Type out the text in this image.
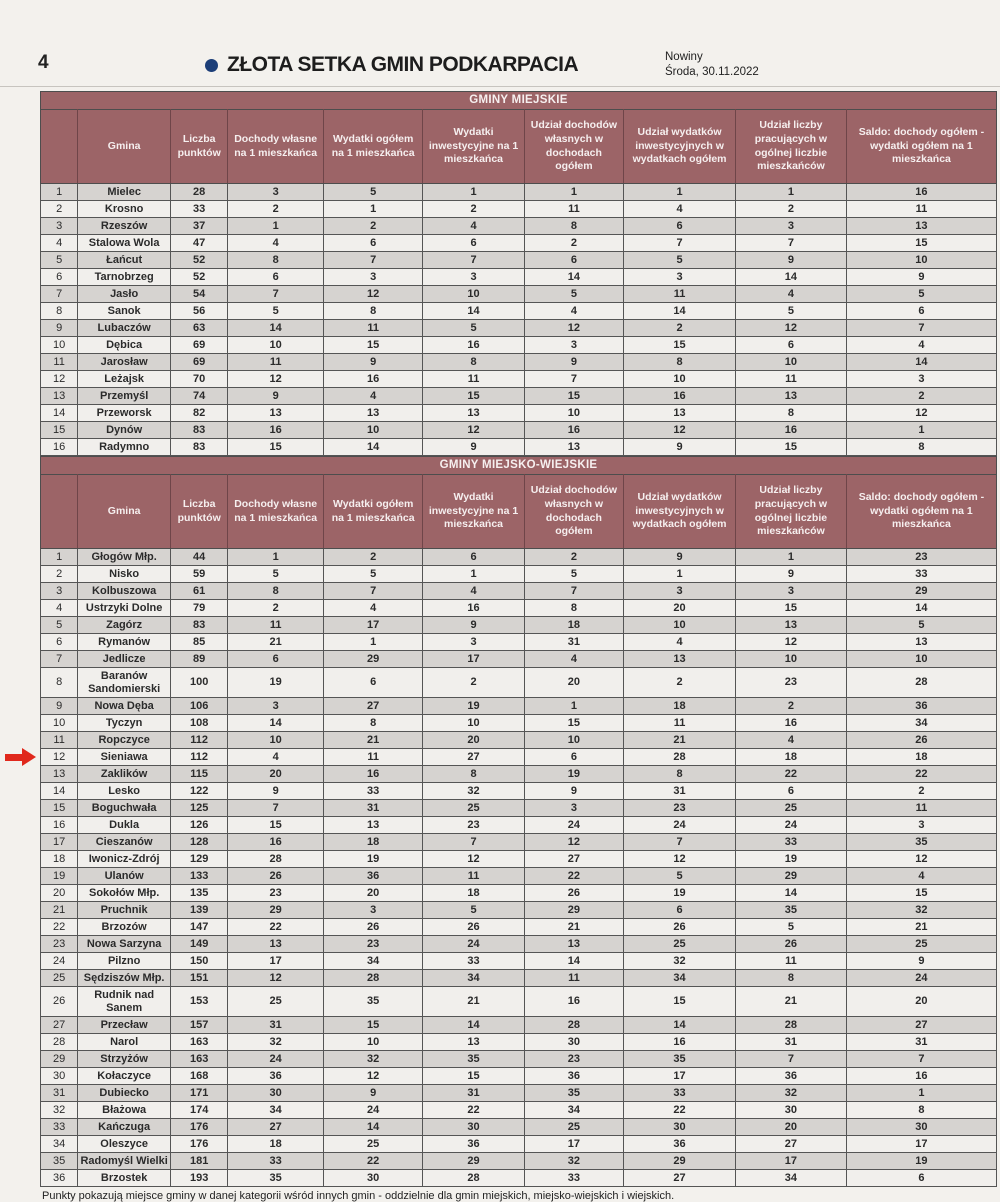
4	ZŁOTA SETKA GMIN PODKARPACIA	Nowiny
Środa, 30.11.2022
GMINY MIEJSKIE
	Gmina	Liczba punktów	Dochody własne na 1 mieszkańca	Wydatki ogółem na 1 mieszkańca	Wydatki inwestycyjne na 1 mieszkańca	Udział dochodów własnych w dochodach ogółem	Udział wydatków inwestycyjnych w wydatkach ogółem	Udział liczby pracujących w ogólnej liczbie mieszkańców	Saldo: dochody ogółem - wydatki ogółem na 1 mieszkańca
1	Mielec	28	3	5	1	1	1	1	16
2	Krosno	33	2	1	2	11	4	2	11
3	Rzeszów	37	1	2	4	8	6	3	13
4	Stalowa Wola	47	4	6	6	2	7	7	15
5	Łańcut	52	8	7	7	6	5	9	10
6	Tarnobrzeg	52	6	3	3	14	3	14	9
7	Jasło	54	7	12	10	5	11	4	5
8	Sanok	56	5	8	14	4	14	5	6
9	Lubaczów	63	14	11	5	12	2	12	7
10	Dębica	69	10	15	16	3	15	6	4
11	Jarosław	69	11	9	8	9	8	10	14
12	Leżajsk	70	12	16	11	7	10	11	3
13	Przemyśl	74	9	4	15	15	16	13	2
14	Przeworsk	82	13	13	13	10	13	8	12
15	Dynów	83	16	10	12	16	12	16	1
16	Radymno	83	15	14	9	13	9	15	8
GMINY MIEJSKO-WIEJSKIE
	Gmina	Liczba punktów	Dochody własne na 1 mieszkańca	Wydatki ogółem na 1 mieszkańca	Wydatki inwestycyjne na 1 mieszkańca	Udział dochodów własnych w dochodach ogółem	Udział wydatków inwestycyjnych w wydatkach ogółem	Udział liczby pracujących w ogólnej liczbie mieszkańców	Saldo: dochody ogółem - wydatki ogółem na 1 mieszkańca
1	Głogów Młp.	44	1	2	6	2	9	1	23
2	Nisko	59	5	5	1	5	1	9	33
3	Kolbuszowa	61	8	7	4	7	3	3	29
4	Ustrzyki Dolne	79	2	4	16	8	20	15	14
5	Zagórz	83	11	17	9	18	10	13	5
6	Rymanów	85	21	1	3	31	4	12	13
7	Jedlicze	89	6	29	17	4	13	10	10
8	Baranów Sandomierski	100	19	6	2	20	2	23	28
9	Nowa Dęba	106	3	27	19	1	18	2	36
10	Tyczyn	108	14	8	10	15	11	16	34
11	Ropczyce	112	10	21	20	10	21	4	26
12	Sieniawa	112	4	11	27	6	28	18	18
13	Zaklików	115	20	16	8	19	8	22	22
14	Lesko	122	9	33	32	9	31	6	2
15	Boguchwała	125	7	31	25	3	23	25	11
16	Dukla	126	15	13	23	24	24	24	3
17	Cieszanów	128	16	18	7	12	7	33	35
18	Iwonicz-Zdrój	129	28	19	12	27	12	19	12
19	Ulanów	133	26	36	11	22	5	29	4
20	Sokołów Młp.	135	23	20	18	26	19	14	15
21	Pruchnik	139	29	3	5	29	6	35	32
22	Brzozów	147	22	26	26	21	26	5	21
23	Nowa Sarzyna	149	13	23	24	13	25	26	25
24	Pilzno	150	17	34	33	14	32	11	9
25	Sędziszów Młp.	151	12	28	34	11	34	8	24
26	Rudnik nad Sanem	153	25	35	21	16	15	21	20
27	Przecław	157	31	15	14	28	14	28	27
28	Narol	163	32	10	13	30	16	31	31
29	Strzyżów	163	24	32	35	23	35	7	7
30	Kołaczyce	168	36	12	15	36	17	36	16
31	Dubiecko	171	30	9	31	35	33	32	1
32	Błażowa	174	34	24	22	34	22	30	8
33	Kańczuga	176	27	14	30	25	30	20	30
34	Oleszyce	176	18	25	36	17	36	27	17
35	Radomyśl Wielki	181	33	22	29	32	29	17	19
36	Brzostek	193	35	30	28	33	27	34	6
Punkty pokazują miejsce gminy w danej kategorii wśród innych gmin - oddzielnie dla gmin miejskich, miejsko-wiejskich i wiejskich.
